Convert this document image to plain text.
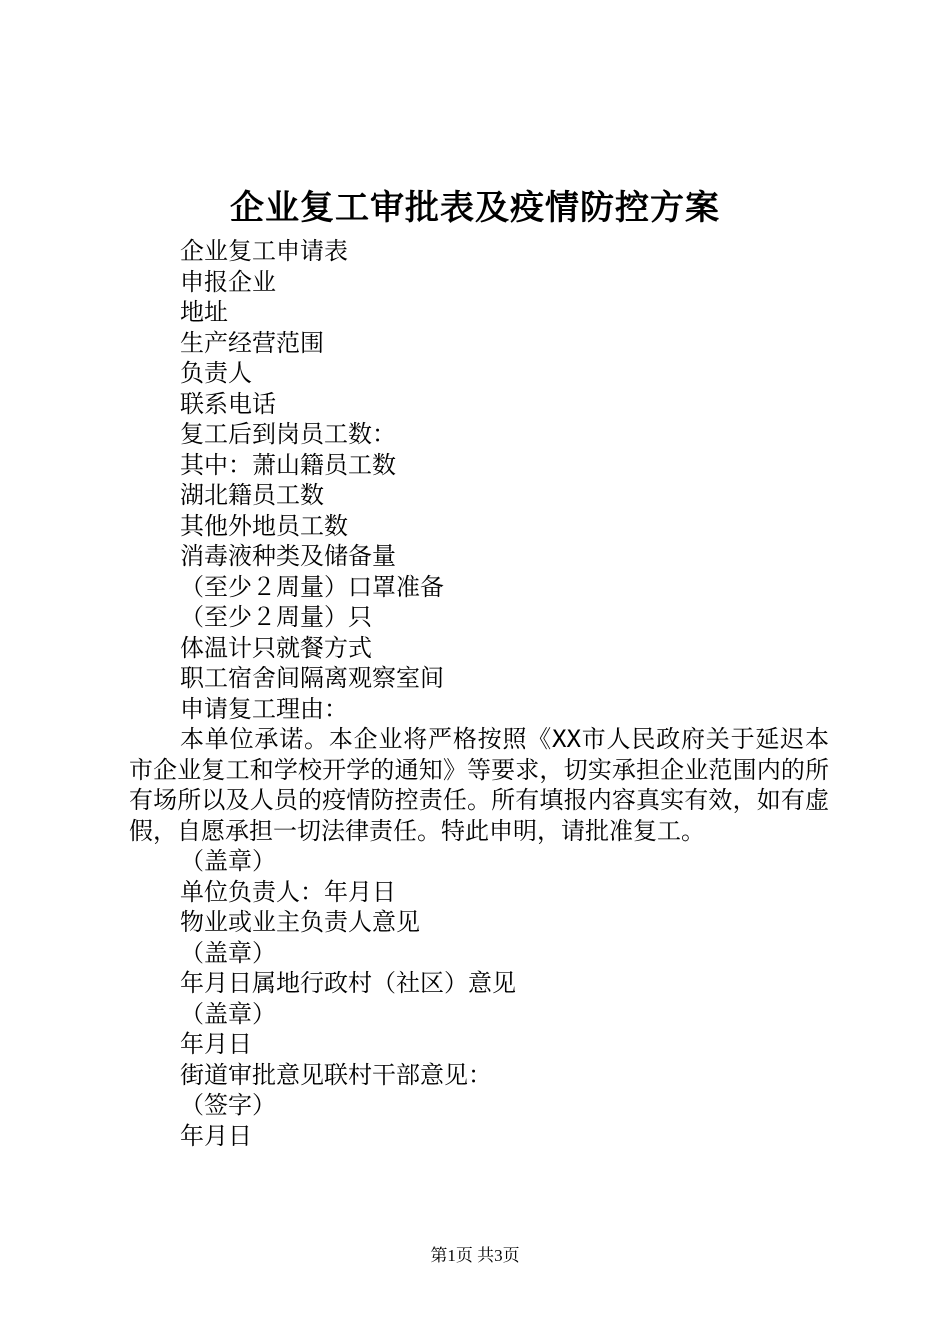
企业复工审批表及疫情防控方案
企业复工申请表
申报企业
地址
生产经营范围
负责人
联系电话
复工后到岗员工数：
其中：萧山籍员工数
湖北籍员工数
其他外地员工数
消毒液种类及储备量
（至少２周量）口罩准备
（至少２周量）只
体温计只就餐方式
职工宿舍间隔离观察室间
申请复工理由：
本单位承诺。本企业将严格按照《XX市人民政府关于延迟本市企业复工和学校开学的通知》等要求，切实承担企业范围内的所有场所以及人员的疫情防控责任。所有填报内容真实有效，如有虚假，自愿承担一切法律责任。特此申明，请批准复工。
（盖章）
单位负责人：年月日
物业或业主负责人意见
（盖章）
年月日属地行政村（社区）意见
（盖章）
年月日
街道审批意见联村干部意见：
（签字）
年月日
第1页 共3页
